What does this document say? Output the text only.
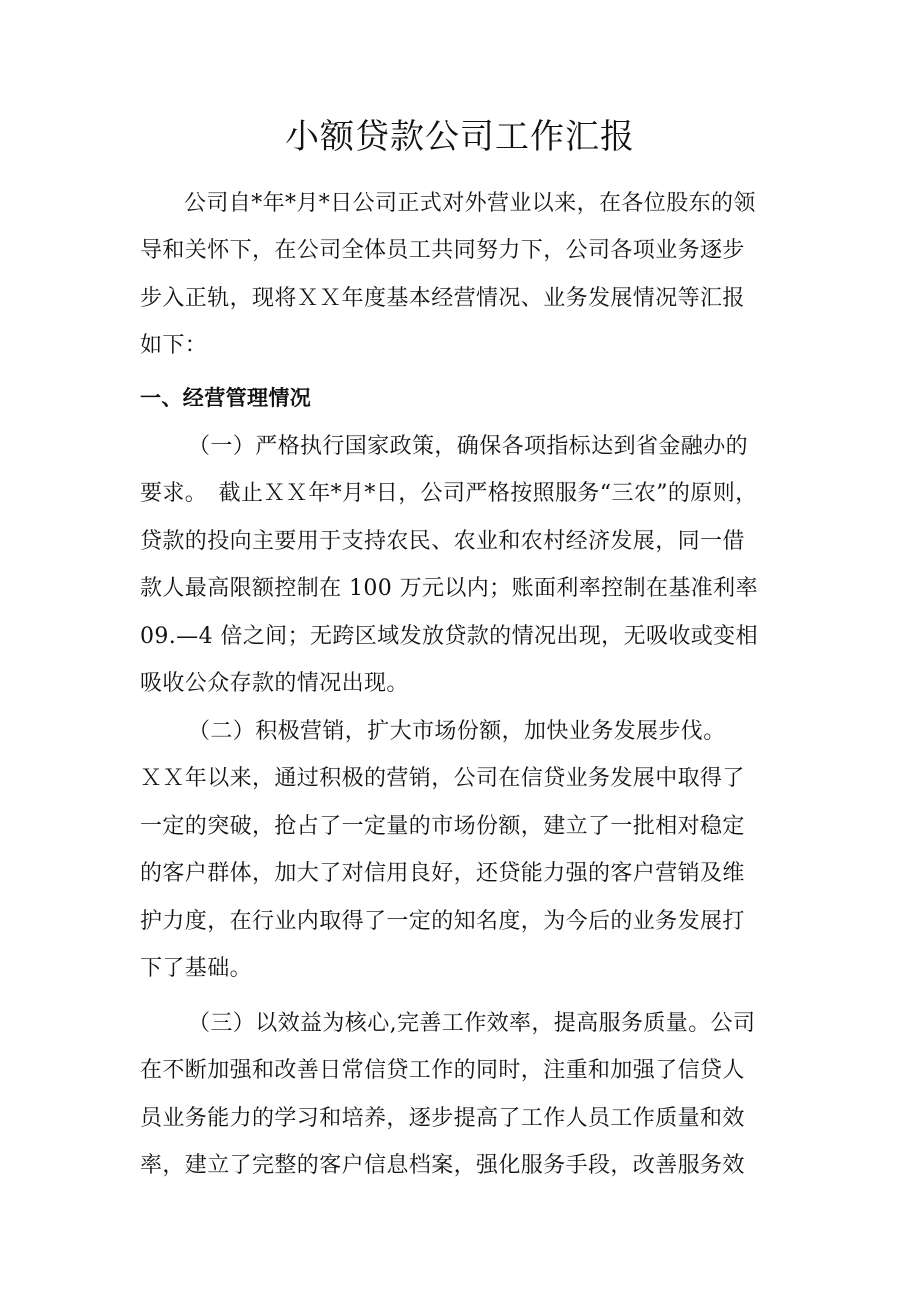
小额贷款公司工作汇报
公司自*年*月*日公司正式对外营业以来，在各位股东的领
导和关怀下，在公司全体员工共同努力下，公司各项业务逐步
步入正轨，现将ＸＸ年度基本经营情况、业务发展情况等汇报
如下：
一、经营管理情况
（一）严格执行国家政策，确保各项指标达到省金融办的
要求。　截止ＸＸ年*月*日，公司严格按照服务“三农”的原则，
贷款的投向主要用于支持农民、农业和农村经济发展，同一借
款人最高限额控制在 100 万元以内；账面利率控制在基准利率
09.—4 倍之间；无跨区域发放贷款的情况出现，无吸收或变相
吸收公众存款的情况出现。
（二）积极营销，扩大市场份额，加快业务发展步伐。
ＸＸ年以来，通过积极的营销，公司在信贷业务发展中取得了
一定的突破，抢占了一定量的市场份额，建立了一批相对稳定
的客户群体，加大了对信用良好，还贷能力强的客户营销及维
护力度，在行业内取得了一定的知名度，为今后的业务发展打
下了基础。
（三）以效益为核心,完善工作效率，提高服务质量。公司
在不断加强和改善日常信贷工作的同时，注重和加强了信贷人
员业务能力的学习和培养，逐步提高了工作人员工作质量和效
率，建立了完整的客户信息档案，强化服务手段，改善服务效
